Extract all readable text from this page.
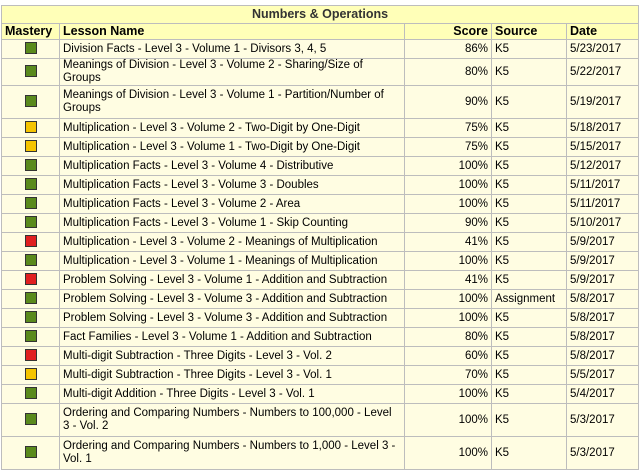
Numbers & Operations				
Mastery	Lesson Name	Score	Source	Date
	Division Facts - Level 3 - Volume 1 - Divisors 3, 4, 5	86%	K5	5/23/2017
	Meanings of Division - Level 3 - Volume 2 - Sharing/Size of Groups	80%	K5	5/22/2017
	Meanings of Division - Level 3 - Volume 1 - Partition/Number of Groups	90%	K5	5/19/2017
	Multiplication - Level 3 - Volume 2 - Two-Digit by One-Digit	75%	K5	5/18/2017
	Multiplication - Level 3 - Volume 1 - Two-Digit by One-Digit	75%	K5	5/15/2017
	Multiplication Facts - Level 3 - Volume 4 - Distributive	100%	K5	5/12/2017
	Multiplication Facts - Level 3 - Volume 3 - Doubles	100%	K5	5/11/2017
	Multiplication Facts - Level 3 - Volume 2 - Area	100%	K5	5/11/2017
	Multiplication Facts - Level 3 - Volume 1 - Skip Counting	90%	K5	5/10/2017
	Multiplication - Level 3 - Volume 2 - Meanings of Multiplication	41%	K5	5/9/2017
	Multiplication - Level 3 - Volume 1 - Meanings of Multiplication	100%	K5	5/9/2017
	Problem Solving - Level 3 - Volume 1 - Addition and Subtraction	41%	K5	5/9/2017
	Problem Solving - Level 3 - Volume 3 - Addition and Subtraction	100%	Assignment	5/8/2017
	Problem Solving - Level 3 - Volume 3 - Addition and Subtraction	100%	K5	5/8/2017
	Fact Families - Level 3 - Volume 1 - Addition and Subtraction	80%	K5	5/8/2017
	Multi-digit Subtraction - Three Digits - Level 3 - Vol. 2	60%	K5	5/8/2017
	Multi-digit Subtraction - Three Digits - Level 3 - Vol. 1	70%	K5	5/5/2017
	Multi-digit Addition - Three Digits - Level 3 - Vol. 1	100%	K5	5/4/2017
	Ordering and Comparing Numbers - Numbers to 100,000 - Level 3 - Vol. 2	100%	K5	5/3/2017
	Ordering and Comparing Numbers - Numbers to 1,000 - Level 3 - Vol. 1	100%	K5	5/3/2017
